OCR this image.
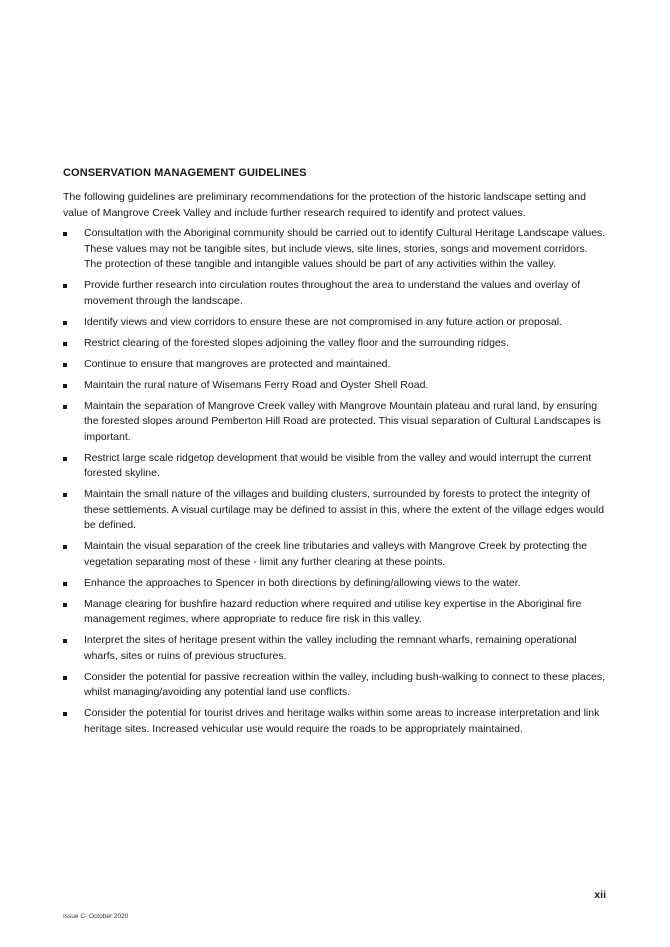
CONSERVATION MANAGEMENT GUIDELINES

The following guidelines are preliminary recommendations for the protection of the historic landscape setting and value of Mangrove Creek Valley and include further research required to identify and protect values.

Consultation with the Aboriginal community should be carried out to identify Cultural Heritage Landscape values. These values may not be tangible sites, but include views, site lines, stories, songs and movement corridors. The protection of these tangible and intangible values should be part of any activities within the valley.
Provide further research into circulation routes throughout the area to understand the values and overlay of movement through the landscape.
Identify views and view corridors to ensure these are not compromised in any future action or proposal.
Restrict clearing of the forested slopes adjoining the valley floor and the surrounding ridges.
Continue to ensure that mangroves are protected and maintained.
Maintain the rural nature of Wisemans Ferry Road and Oyster Shell Road.
Maintain the separation of Mangrove Creek valley with Mangrove Mountain plateau and rural land, by ensuring the forested slopes around Pemberton Hill Road are protected. This visual separation of Cultural Landscapes is important.
Restrict large scale ridgetop development that would be visible from the valley and would interrupt the current forested skyline.
Maintain the small nature of the villages and building clusters, surrounded by forests to protect the integrity of these settlements. A visual curtilage may be defined to assist in this, where the extent of the village edges would be defined.
Maintain the visual separation of the creek line tributaries and valleys with Mangrove Creek by protecting the vegetation separating most of these - limit any further clearing at these points.
Enhance the approaches to Spencer in both directions by defining/allowing views to the water.
Manage clearing for bushfire hazard reduction where required and utilise key expertise in the Aboriginal fire management regimes, where appropriate to reduce fire risk in this valley.
Interpret the sites of heritage present within the valley including the remnant wharfs, remaining operational wharfs, sites or ruins of previous structures.
Consider the potential for passive recreation within the valley, including bush-walking to connect to these places, whilst managing/avoiding any potential land use conflicts.
Consider the potential for tourist drives and heritage walks within some areas to increase interpretation and link heritage sites. Increased vehicular use would require the roads to be appropriately maintained.
xii
Issue C- October 2020
